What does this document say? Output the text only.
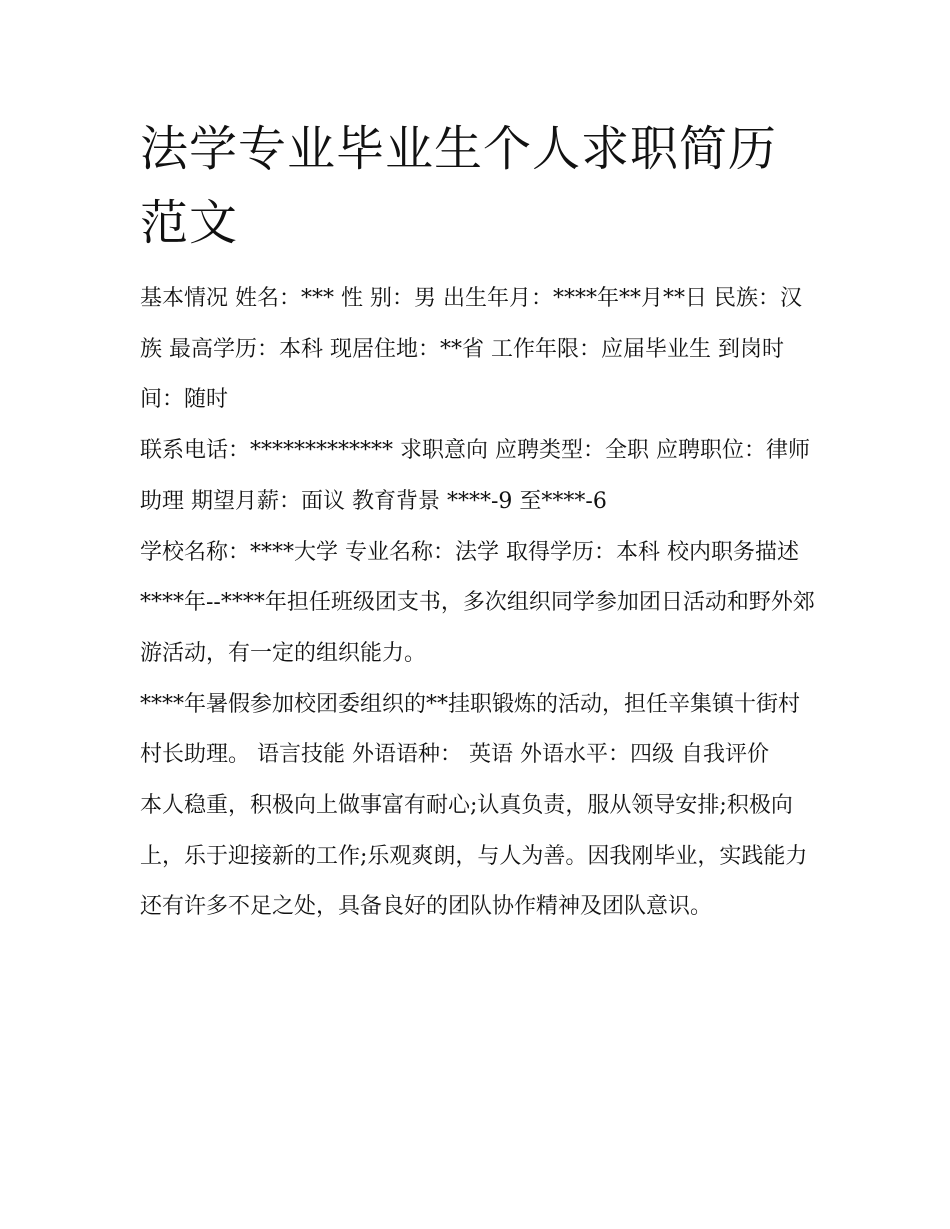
法学专业毕业生个人求职简历范文

基本情况 姓名：*** 性 别：男 出生年月：****年**月**日 民族：汉族 最高学历：本科 现居住地：**省 工作年限：应届毕业生 到岗时间：随时

联系电话：************* 求职意向 应聘类型：全职 应聘职位：律师助理 期望月薪：面议 教育背景 ****-9 至****-6

学校名称：****大学 专业名称：法学 取得学历：本科 校内职务描述

****年--****年担任班级团支书，多次组织同学参加团日活动和野外郊游活动，有一定的组织能力。

****年暑假参加校团委组织的**挂职锻炼的活动，担任辛集镇十街村村长助理。 语言技能 外语语种： 英语 外语水平：四级 自我评价

本人稳重，积极向上做事富有耐心;认真负责，服从领导安排;积极向上，乐于迎接新的工作;乐观爽朗，与人为善。因我刚毕业，实践能力还有许多不足之处，具备良好的团队协作精神及团队意识。
